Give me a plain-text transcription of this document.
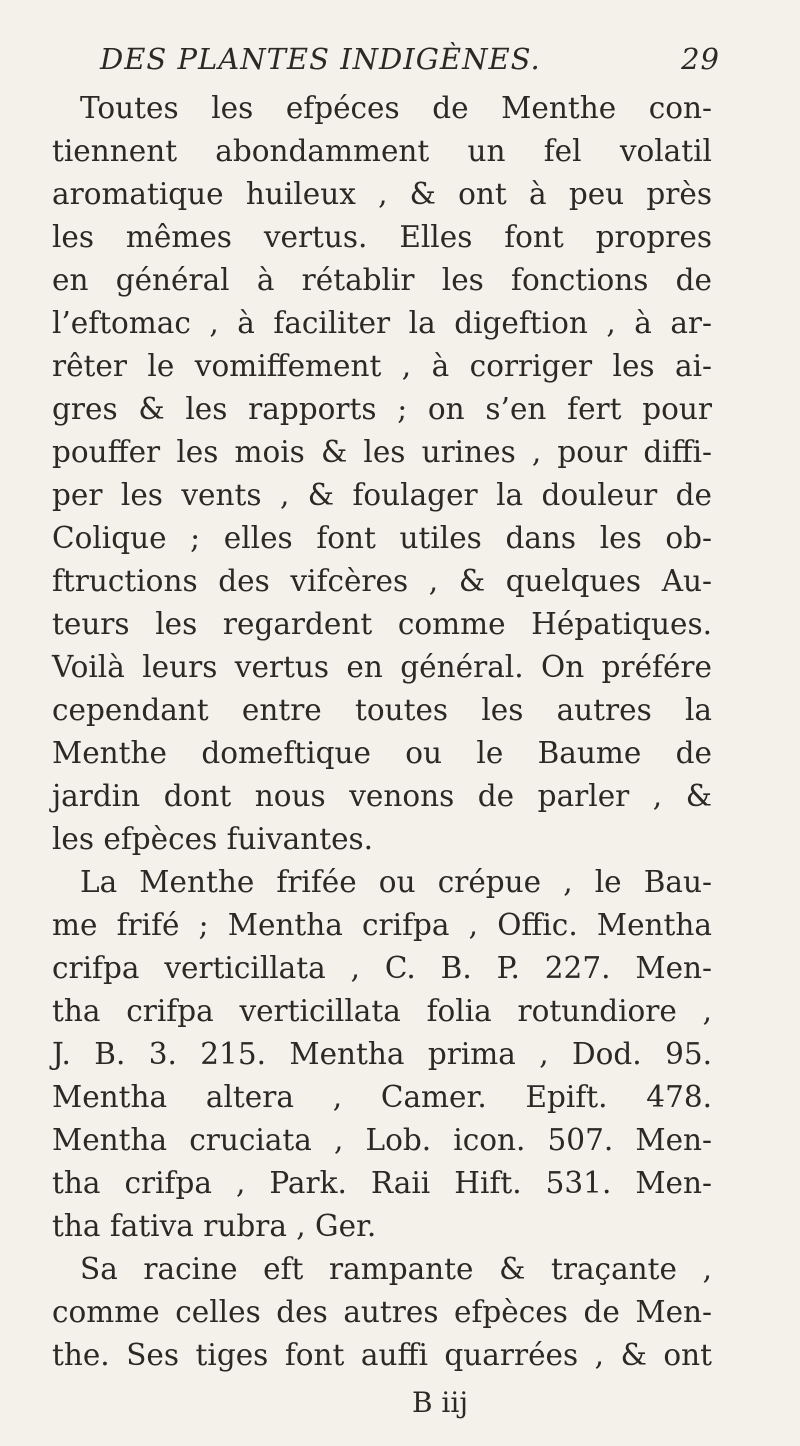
DES PLANTES INDIGÈNES.	29
Toutes les efpéces de Menthe con-
tiennent abondamment un fel volatil
aromatique huileux , & ont à peu près
les mêmes vertus. Elles font propres
en général à rétablir les fonctions de
l’eftomac , à faciliter la digeftion , à ar-
rêter le vomiffement , à corriger les ai-
gres & les rapports ; on s’en fert pour
pouffer les mois & les urines , pour diffi-
per les vents , & foulager la douleur de
Colique ; elles font utiles dans les ob-
ftructions des vifcères , & quelques Au-
teurs les regardent comme Hépatiques.
Voilà leurs vertus en général. On préfére
cependant entre toutes les autres la
Menthe domeftique ou le Baume de
jardin dont nous venons de parler , &
les efpèces fuivantes.
La Menthe frifée ou crépue , le Bau-
me frifé ; Mentha crifpa , Offic. Mentha
crifpa verticillata , C. B. P. 227. Men-
tha crifpa verticillata folia rotundiore ,
J. B. 3. 215. Mentha prima , Dod. 95.
Mentha altera , Camer. Epift. 478.
Mentha cruciata , Lob. icon. 507. Men-
tha crifpa , Park. Raii Hift. 531. Men-
tha fativa rubra , Ger.
Sa racine eft rampante & traçante ,
comme celles des autres efpèces de Men-
the. Ses tiges font auffi quarrées , & ont
B iij
